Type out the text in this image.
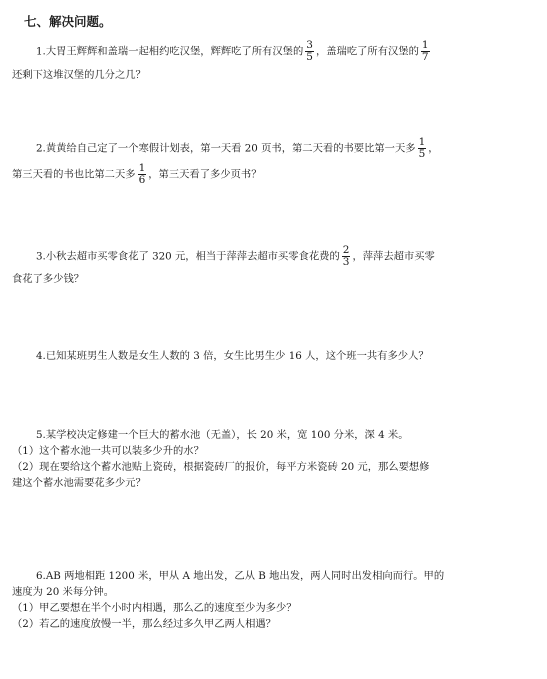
七、解决问题。
1.大胃王辉辉和盖瑞一起相约吃汉堡，辉辉吃了所有汉堡的 $\frac{3}{5}$ ，盖瑞吃了所有汉堡的 $\frac{1}{7}$
还剩下这堆汉堡的几分之几？
2.黄黄给自己定了一个寒假计划表，第一天看 20 页书，第二天看的书要比第一天多 $\frac{1}{5}$ ，
第三天看的书也比第二天多 $\frac{1}{6}$ ，第三天看了多少页书？
3.小秋去超市买零食花了 320 元，相当于萍萍去超市买零食花费的 $\frac{2}{3}$ ，萍萍去超市买零
食花了多少钱？
4.已知某班男生人数是女生人数的 3 倍，女生比男生少 16 人，这个班一共有多少人？
5.某学校决定修建一个巨大的蓄水池（无盖），长 20 米，宽 100 分米，深 4 米。
（1）这个蓄水池一共可以装多少升的水？
（2）现在要给这个蓄水池贴上瓷砖，根据瓷砖厂的报价，每平方米瓷砖 20 元，那么要想修
建这个蓄水池需要花多少元？
6.AB 两地相距 1200 米，甲从 A 地出发，乙从 B 地出发，两人同时出发相向而行。甲的
速度为 20 米每分钟。
（1）甲乙要想在半个小时内相遇，那么乙的速度至少为多少？
（2）若乙的速度放慢一半，那么经过多久甲乙两人相遇？
